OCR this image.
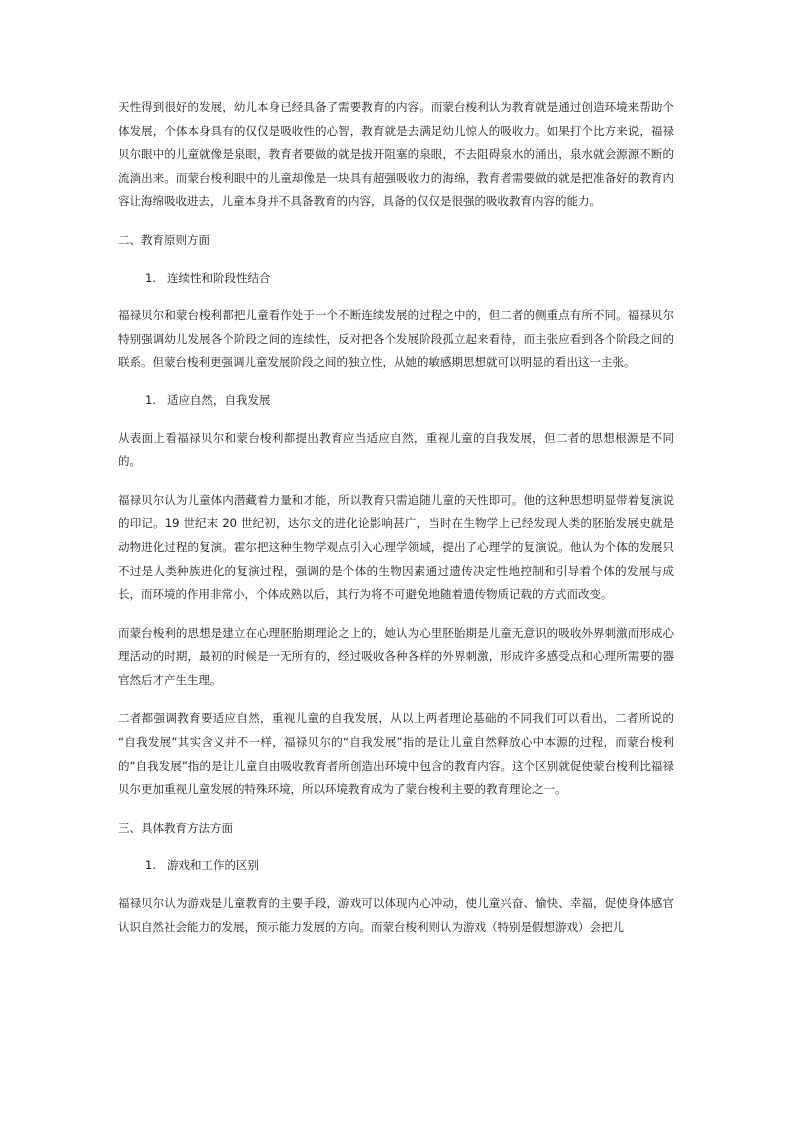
天性得到很好的发展，幼儿本身已经具备了需要教育的内容。而蒙台梭利认为教育就是通过创造环境来帮助个体发展，个体本身具有的仅仅是吸收性的心智，教育就是去满足幼儿惊人的吸收力。如果打个比方来说，福禄贝尔眼中的儿童就像是泉眼，教育者要做的就是拔开阻塞的泉眼，不去阻碍泉水的涌出，泉水就会源源不断的流淌出来。而蒙台梭利眼中的儿童却像是一块具有超强吸收力的海绵，教育者需要做的就是把准备好的教育内容让海绵吸收进去，儿童本身并不具备教育的内容，具备的仅仅是很强的吸收教育内容的能力。

二、教育原则方面

1. 连续性和阶段性结合

福禄贝尔和蒙台梭利都把儿童看作处于一个不断连续发展的过程之中的，但二者的侧重点有所不同。福禄贝尔特别强调幼儿发展各个阶段之间的连续性，反对把各个发展阶段孤立起来看待，而主张应看到各个阶段之间的联系。但蒙台梭利更强调儿童发展阶段之间的独立性，从她的敏感期思想就可以明显的看出这一主张。

1. 适应自然，自我发展

从表面上看福禄贝尔和蒙台梭利都提出教育应当适应自然，重视儿童的自我发展，但二者的思想根源是不同的。

福禄贝尔认为儿童体内潜藏着力量和才能，所以教育只需追随儿童的天性即可。他的这种思想明显带着复演说的印记。19 世纪末 20 世纪初，达尔文的进化论影响甚广，当时在生物学上已经发现人类的胚胎发展史就是动物进化过程的复演。霍尔把这种生物学观点引入心理学领域，提出了心理学的复演说。他认为个体的发展只不过是人类种族进化的复演过程，强调的是个体的生物因素通过遗传决定性地控制和引导着个体的发展与成长，而环境的作用非常小，个体成熟以后，其行为将不可避免地随着遗传物质记载的方式而改变。

而蒙台梭利的思想是建立在心理胚胎期理论之上的，她认为心里胚胎期是儿童无意识的吸收外界刺激而形成心理活动的时期，最初的时候是一无所有的，经过吸收各种各样的外界刺激，形成许多感受点和心理所需要的器官然后才产生生理。

二者都强调教育要适应自然，重视儿童的自我发展，从以上两者理论基础的不同我们可以看出，二者所说的 “自我发展”其实含义并不一样，福禄贝尔的“自我发展”指的是让儿童自然释放心中本源的过程，而蒙台梭利的“自我发展”指的是让儿童自由吸收教育者所创造出环境中包含的教育内容。这个区别就促使蒙台梭利比福禄贝尔更加重视儿童发展的特殊环境，所以环境教育成为了蒙台梭利主要的教育理论之一。

三、具体教育方法方面

1. 游戏和工作的区别

福禄贝尔认为游戏是儿童教育的主要手段，游戏可以体现内心冲动，使儿童兴奋、愉快、幸福，促使身体感官认识自然社会能力的发展，预示能力发展的方向。而蒙台梭利则认为游戏（特别是假想游戏）会把儿
